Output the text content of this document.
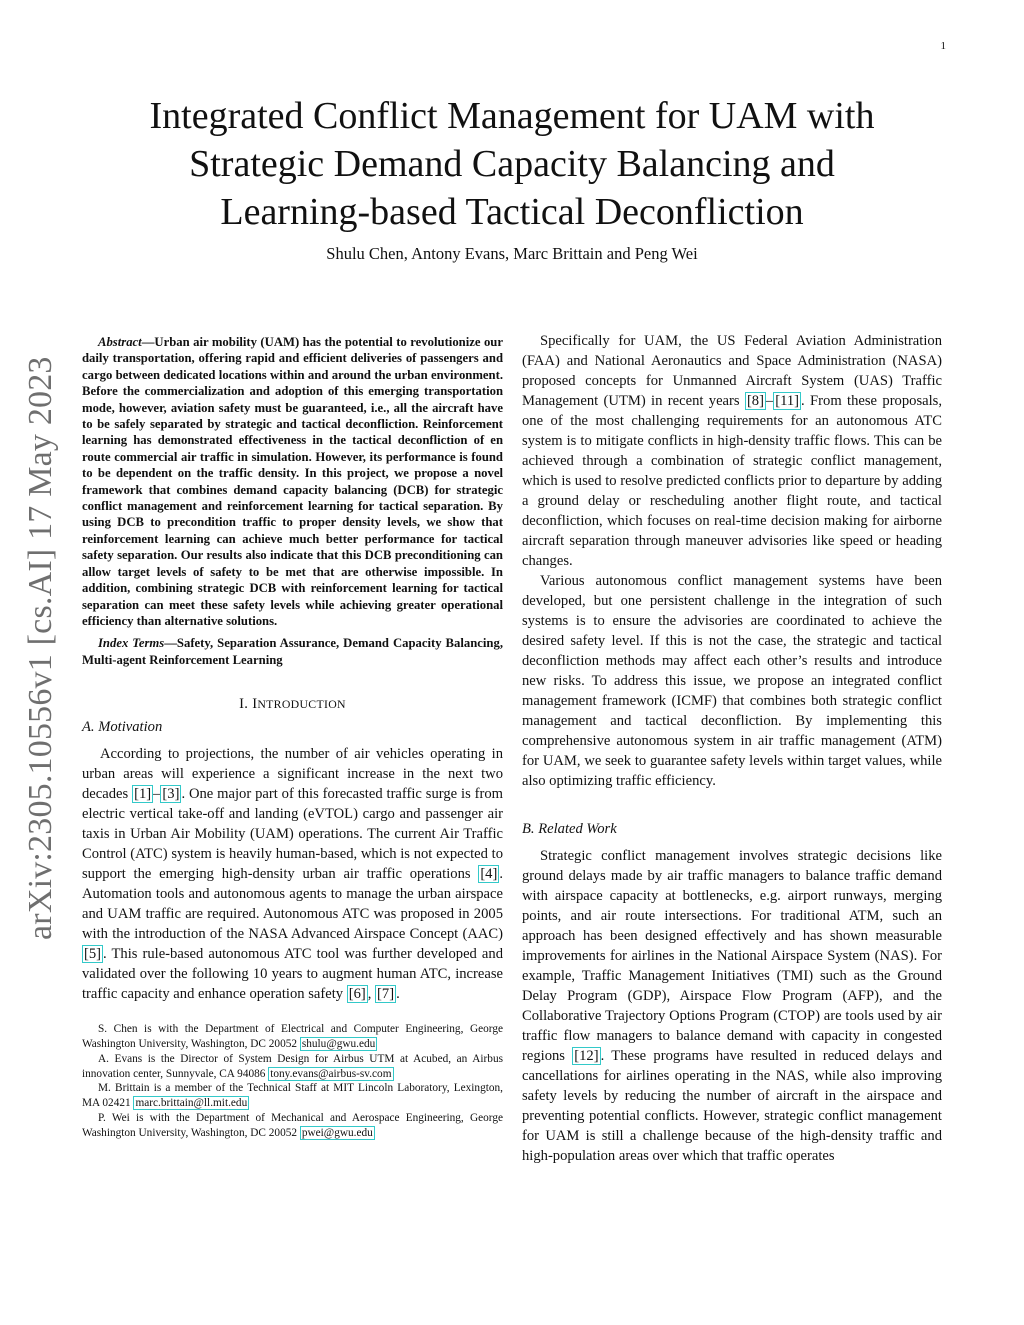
1
arXiv:2305.10556v1 [cs.AI] 17 May 2023
Integrated Conflict Management for UAM with
Strategic Demand Capacity Balancing and
Learning-based Tactical Deconfliction
Shulu Chen, Antony Evans, Marc Brittain and Peng Wei

Abstract—Urban air mobility (UAM) has the potential to revolutionize our daily transportation, offering rapid and efficient deliveries of passengers and cargo between dedicated locations within and around the urban environment. Before the commercialization and adoption of this emerging transportation mode, however, aviation safety must be guaranteed, i.e., all the aircraft have to be safely separated by strategic and tactical deconfliction. Reinforcement learning has demonstrated effectiveness in the tactical deconfliction of en route commercial air traffic in simulation. However, its performance is found to be dependent on the traffic density. In this project, we propose a novel framework that combines demand capacity balancing (DCB) for strategic conflict management and reinforcement learning for tactical separation. By using DCB to precondition traffic to proper density levels, we show that reinforcement learning can achieve much better performance for tactical safety separation. Our results also indicate that this DCB preconditioning can allow target levels of safety to be met that are otherwise impossible. In addition, combining strategic DCB with reinforcement learning for tactical separation can meet these safety levels while achieving greater operational efficiency than alternative solutions.

Index Terms—Safety, Separation Assurance, Demand Capacity Balancing, Multi-agent Reinforcement Learning

I. INTRODUCTION
A. Motivation

According to projections, the number of air vehicles operating in urban areas will experience a significant increase in the next two decades [1] – [3] . One major part of this forecasted traffic surge is from electric vertical take-off and landing (eVTOL) cargo and passenger air taxis in Urban Air Mobility (UAM) operations. The current Air Traffic Control (ATC) system is heavily human-based, which is not expected to support the emerging high-density urban air traffic operations [4] . Automation tools and autonomous agents to manage the urban airspace and UAM traffic are required. Autonomous ATC was proposed in 2005 with the introduction of the NASA Advanced Airspace Concept (AAC) [5] . This rule-based autonomous ATC tool was further developed and validated over the following 10 years to augment human ATC, increase traffic capacity and enhance operation safety [6] , [7] .

S. Chen is with the Department of Electrical and Computer Engineering, George Washington University, Washington, DC 20052 shulu@gwu.edu

A. Evans is the Director of System Design for Airbus UTM at Acubed, an Airbus innovation center, Sunnyvale, CA 94086 tony.evans@airbus-sv.com

M. Brittain is a member of the Technical Staff at MIT Lincoln Laboratory, Lexington, MA 02421 marc.brittain@ll.mit.edu

P. Wei is with the Department of Mechanical and Aerospace Engineering, George Washington University, Washington, DC 20052 pwei@gwu.edu

Specifically for UAM, the US Federal Aviation Administration (FAA) and National Aeronautics and Space Administration (NASA) proposed concepts for Unmanned Aircraft System (UAS) Traffic Management (UTM) in recent years [8] – [11] . From these proposals, one of the most challenging requirements for an autonomous ATC system is to mitigate conflicts in high-density traffic flows. This can be achieved through a combination of strategic conflict management, which is used to resolve predicted conflicts prior to departure by adding a ground delay or rescheduling another flight route, and tactical deconfliction, which focuses on real-time decision making for airborne aircraft separation through maneuver advisories like speed or heading changes.

Various autonomous conflict management systems have been developed, but one persistent challenge in the integration of such systems is to ensure the advisories are coordinated to achieve the desired safety level. If this is not the case, the strategic and tactical deconfliction methods may affect each other’s results and introduce new risks. To address this issue, we propose an integrated conflict management framework (ICMF) that combines both strategic conflict management and tactical deconfliction. By implementing this comprehensive autonomous system in air traffic management (ATM) for UAM, we seek to guarantee safety levels within target values, while also optimizing traffic efficiency.

B. Related Work

Strategic conflict management involves strategic decisions like ground delays made by air traffic managers to balance traffic demand with airspace capacity at bottlenecks, e.g. airport runways, merging points, and air route intersections. For traditional ATM, such an approach has been designed effectively and has shown measurable improvements for airlines in the National Airspace System (NAS). For example, Traffic Management Initiatives (TMI) such as the Ground Delay Program (GDP), Airspace Flow Program (AFP), and the Collaborative Trajectory Options Program (CTOP) are tools used by air traffic flow managers to balance demand with capacity in congested regions [12] . These programs have resulted in reduced delays and cancellations for airlines operating in the NAS, while also improving safety levels by reducing the number of aircraft in the airspace and preventing potential conflicts. However, strategic conflict management for UAM is still a challenge because of the high-density traffic and high-population areas over which that traffic operates
